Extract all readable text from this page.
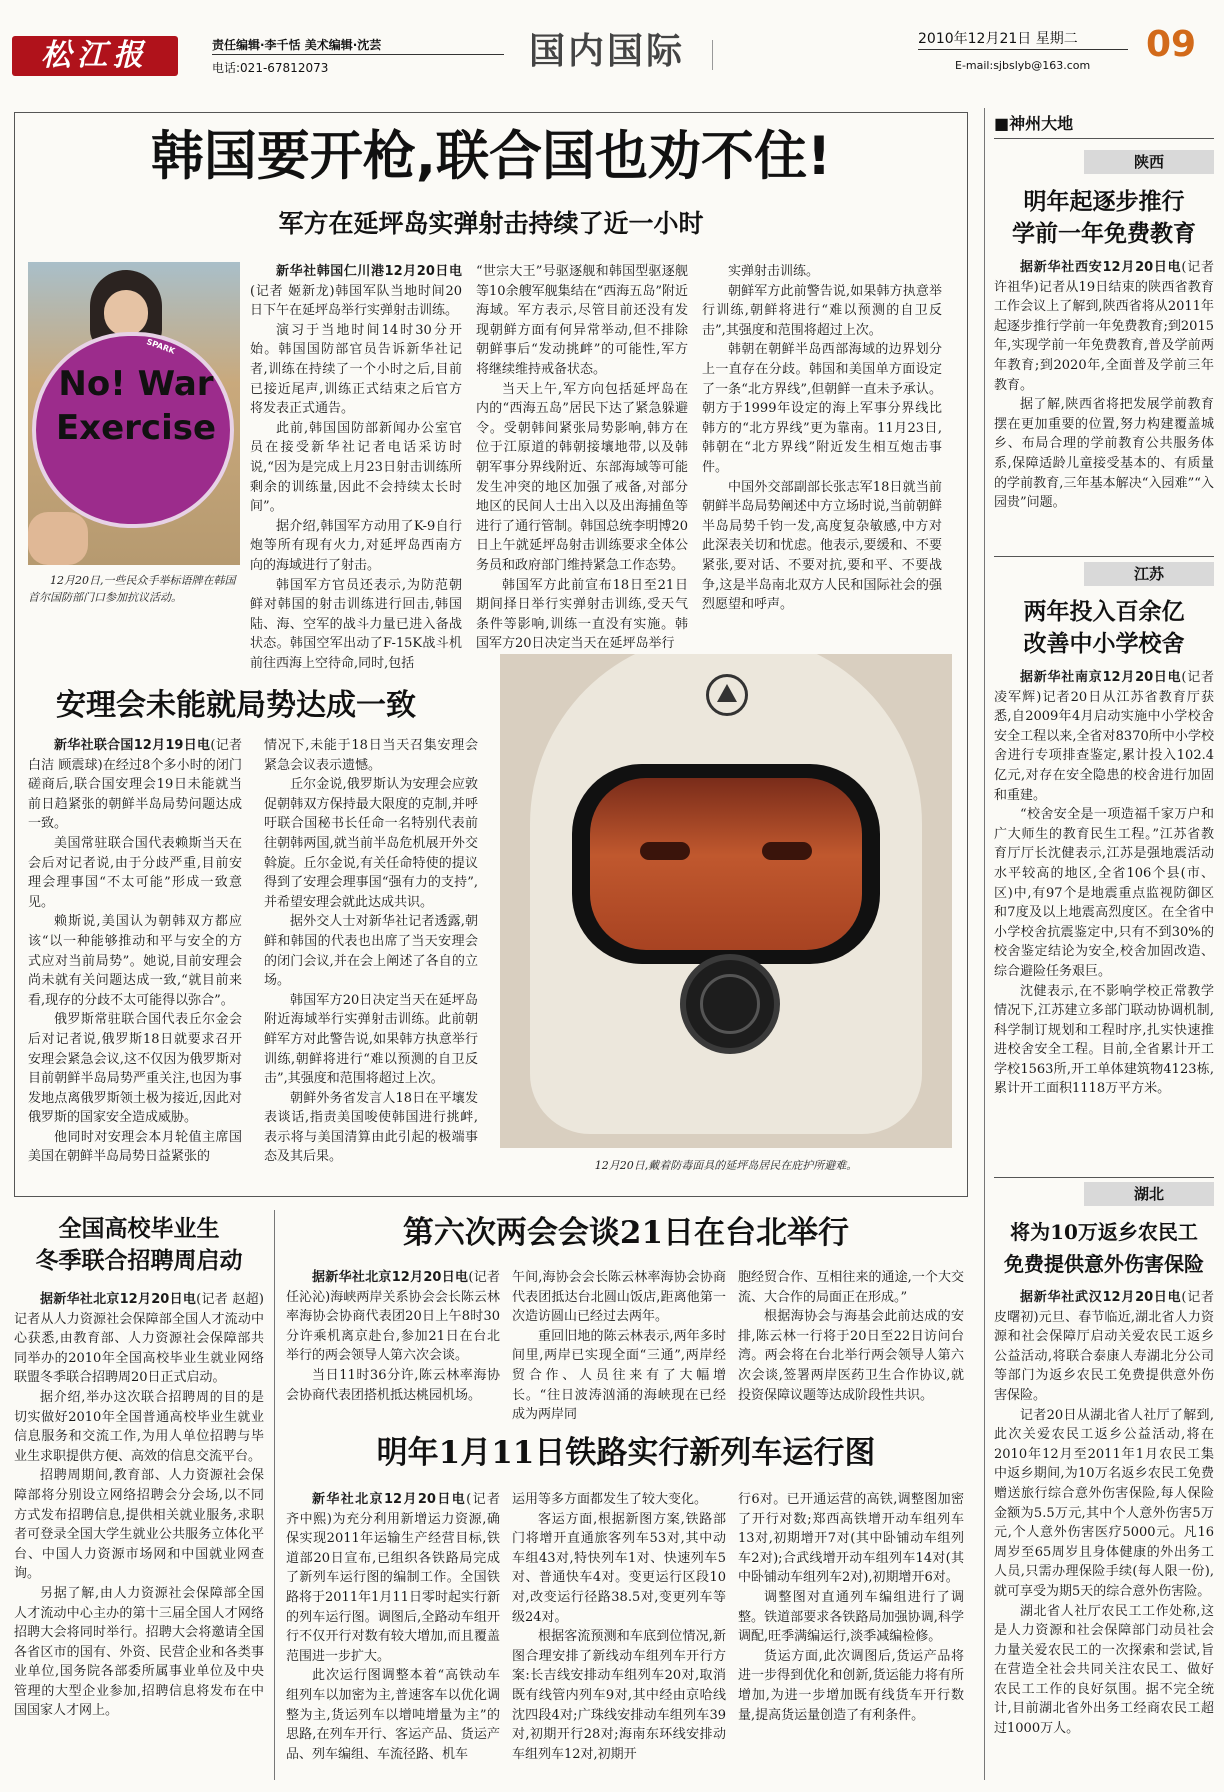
松江报	责任编辑·李千恬 美术编辑·沈芸
电话:021-67812073	国内国际	2010年12月21日 星期二
E-mail:sjbslyb@163.com
09
韩国要开枪,联合国也劝不住!
军方在延坪岛实弹射击持续了近一小时
SPARK
No! War Exercise
12月20日,一些民众手举标语牌在韩国首尔国防部门口参加抗议活动。

新华社韩国仁川港12月20日电(记者 姬新龙)韩国军队当地时间20日下午在延坪岛举行实弹射击训练。

演习于当地时间14时30分开始。韩国国防部官员告诉新华社记者,训练在持续了一个小时之后,目前已接近尾声,训练正式结束之后官方将发表正式通告。

此前,韩国国防部新闻办公室官员在接受新华社记者电话采访时说,“因为是完成上月23日射击训练所剩余的训练量,因此不会持续太长时间”。

据介绍,韩国军方动用了K-9自行炮等所有现有火力,对延坪岛西南方向的海域进行了射击。

韩国军方官员还表示,为防范朝鲜对韩国的射击训练进行回击,韩国陆、海、空军的战斗力量已进入备战状态。韩国空军出动了F-15K战斗机前往西海上空待命,同时,包括

“世宗大王”号驱逐舰和韩国型驱逐舰等10余艘军舰集结在“西海五岛”附近海域。军方表示,尽管目前还没有发现朝鲜方面有何异常举动,但不排除朝鲜事后“发动挑衅”的可能性,军方将继续维持戒备状态。

当天上午,军方向包括延坪岛在内的“西海五岛”居民下达了紧急躲避令。受朝韩间紧张局势影响,韩方在位于江原道的韩朝接壤地带,以及韩朝军事分界线附近、东部海域等可能发生冲突的地区加强了戒备,对部分地区的民间人士出入以及出海捕鱼等进行了通行管制。韩国总统李明博20日上午就延坪岛射击训练要求全体公务员和政府部门维持紧急工作态势。

韩国军方此前宣布18日至21日期间择日举行实弹射击训练,受天气条件等影响,训练一直没有实施。韩国军方20日决定当天在延坪岛举行

实弹射击训练。

朝鲜军方此前警告说,如果韩方执意举行训练,朝鲜将进行“难以预测的自卫反击”,其强度和范围将超过上次。

韩朝在朝鲜半岛西部海域的边界划分上一直存在分歧。韩国和美国单方面设定了一条“北方界线”,但朝鲜一直未予承认。朝方于1999年设定的海上军事分界线比韩方的“北方界线”更为靠南。11月23日,韩朝在“北方界线”附近发生相互炮击事件。

中国外交部副部长张志军18日就当前朝鲜半岛局势阐述中方立场时说,当前朝鲜半岛局势千钧一发,高度复杂敏感,中方对此深表关切和忧虑。他表示,要缓和、不要紧张,要对话、不要对抗,要和平、不要战争,这是半岛南北双方人民和国际社会的强烈愿望和呼声。

安理会未能就局势达成一致

新华社联合国12月19日电(记者 白洁 顾震球)在经过8个多小时的闭门磋商后,联合国安理会19日未能就当前日趋紧张的朝鲜半岛局势问题达成一致。

美国常驻联合国代表赖斯当天在会后对记者说,由于分歧严重,目前安理会理事国“不太可能”形成一致意见。

赖斯说,美国认为朝韩双方都应该“以一种能够推动和平与安全的方式应对当前局势”。她说,目前安理会尚未就有关问题达成一致,“就目前来看,现存的分歧不太可能得以弥合”。

俄罗斯常驻联合国代表丘尔金会后对记者说,俄罗斯18日就要求召开安理会紧急会议,这不仅因为俄罗斯对目前朝鲜半岛局势严重关注,也因为事发地点离俄罗斯领土极为接近,因此对俄罗斯的国家安全造成威胁。

他同时对安理会本月轮值主席国美国在朝鲜半岛局势日益紧张的

情况下,未能于18日当天召集安理会紧急会议表示遗憾。

丘尔金说,俄罗斯认为安理会应敦促朝韩双方保持最大限度的克制,并呼吁联合国秘书长任命一名特别代表前往朝韩两国,就当前半岛危机展开外交斡旋。丘尔金说,有关任命特使的提议得到了安理会理事国“强有力的支持”,并希望安理会就此达成共识。

据外交人士对新华社记者透露,朝鲜和韩国的代表也出席了当天安理会的闭门会议,并在会上阐述了各自的立场。

韩国军方20日决定当天在延坪岛附近海域举行实弹射击训练。此前朝鲜军方对此警告说,如果韩方执意举行训练,朝鲜将进行“难以预测的自卫反击”,其强度和范围将超过上次。

朝鲜外务省发言人18日在平壤发表谈话,指责美国唆使韩国进行挑衅,表示将与美国清算由此引起的极端事态及其后果。

12月20日,戴着防毒面具的延坪岛居民在庇护所避难。
全国高校毕业生
冬季联合招聘周启动

据新华社北京12月20日电(记者 赵超)记者从人力资源社会保障部全国人才流动中心获悉,由教育部、人力资源社会保障部共同举办的2010年全国高校毕业生就业网络联盟冬季联合招聘周20日正式启动。

据介绍,举办这次联合招聘周的目的是切实做好2010年全国普通高校毕业生就业信息服务和交流工作,为用人单位招聘与毕业生求职提供方便、高效的信息交流平台。

招聘周期间,教育部、人力资源社会保障部将分别设立网络招聘会分会场,以不同方式发布招聘信息,提供相关就业服务,求职者可登录全国大学生就业公共服务立体化平台、中国人力资源市场网和中国就业网查询。

另据了解,由人力资源社会保障部全国人才流动中心主办的第十三届全国人才网络招聘大会将同时举行。招聘大会将邀请全国各省区市的国有、外资、民营企业和各类事业单位,国务院各部委所属事业单位及中央管理的大型企业参加,招聘信息将发布在中国国家人才网上。

第六次两会会谈21日在台北举行

据新华社北京12月20日电(记者 任沁沁)海峡两岸关系协会会长陈云林率海协会协商代表团20日上午8时30分许乘机离京赴台,参加21日在台北举行的两会领导人第六次会谈。

当日11时36分许,陈云林率海协会协商代表团搭机抵达桃园机场。

午间,海协会会长陈云林率海协会协商代表团抵达台北圆山饭店,距离他第一次造访圆山已经过去两年。

重回旧地的陈云林表示,两年多时间里,两岸已实现全面“三通”,两岸经贸合作、人员往来有了大幅增长。“往日波涛汹涌的海峡现在已经成为两岸同

胞经贸合作、互相往来的通途,一个大交流、大合作的局面正在形成。”

根据海协会与海基会此前达成的安排,陈云林一行将于20日至22日访问台湾。两会将在台北举行两会领导人第六次会谈,签署两岸医药卫生合作协议,就投资保障议题等达成阶段性共识。

明年1月11日铁路实行新列车运行图

新华社北京12月20日电(记者 齐中熙)为充分利用新增运力资源,确保实现2011年运输生产经营目标,铁道部20日宣布,已组织各铁路局完成了新列车运行图的编制工作。全国铁路将于2011年1月11日零时起实行新的列车运行图。调图后,全路动车组开行不仅开行对数有较大增加,而且覆盖范围进一步扩大。

此次运行图调整本着“高铁动车组列车以加密为主,普速客车以优化调整为主,货运列车以增吨增量为主”的思路,在列车开行、客运产品、货运产品、列车编组、车流径路、机车

运用等多方面都发生了较大变化。

客运方面,根据新图方案,铁路部门将增开直通旅客列车53对,其中动车组43对,特快列车1对、快速列车5对、普通快车4对。变更运行区段10对,改变运行径路38.5对,变更列车等级24对。

根据客流预测和车底到位情况,新图合理安排了新线动车组列车开行方案:长吉线安排动车组列车20对,取消既有线管内列车9对,其中经由京哈线沈四段4对;广珠线安排动车组列车39对,初期开行28对;海南东环线安排动车组列车12对,初期开

行6对。已开通运营的高铁,调整图加密了开行对数;郑西高铁增开动车组列车13对,初期增开7对(其中卧铺动车组列车2对);合武线增开动车组列车14对(其中卧铺动车组列车2对),初期增开6对。

调整图对直通列车编组进行了调整。铁道部要求各铁路局加强协调,科学调配,旺季满编运行,淡季减编检修。

货运方面,此次调图后,货运产品将进一步得到优化和创新,货运能力将有所增加,为进一步增加既有线货车开行数量,提高货运量创造了有利条件。

■神州大地
陕西
明年起逐步推行
学前一年免费教育

据新华社西安12月20日电(记者 许祖华)记者从19日结束的陕西省教育工作会议上了解到,陕西省将从2011年起逐步推行学前一年免费教育;到2015年,实现学前一年免费教育,普及学前两年教育;到2020年,全面普及学前三年教育。

据了解,陕西省将把发展学前教育摆在更加重要的位置,努力构建覆盖城乡、布局合理的学前教育公共服务体系,保障适龄儿童接受基本的、有质量的学前教育,三年基本解决“入园难”“入园贵”问题。

江苏
两年投入百余亿
改善中小学校舍

据新华社南京12月20日电(记者 凌军辉)记者20日从江苏省教育厅获悉,自2009年4月启动实施中小学校舍安全工程以来,全省对8370所中小学校舍进行专项排查鉴定,累计投入102.4亿元,对存在安全隐患的校舍进行加固和重建。

“校舍安全是一项造福千家万户和广大师生的教育民生工程。”江苏省教育厅厅长沈健表示,江苏是强地震活动水平较高的地区,全省106个县(市、区)中,有97个是地震重点监视防御区和7度及以上地震高烈度区。在全省中小学校舍抗震鉴定中,只有不到30%的校舍鉴定结论为安全,校舍加固改造、综合避险任务艰巨。

沈健表示,在不影响学校正常教学情况下,江苏建立多部门联动协调机制,科学制订规划和工程时序,扎实快速推进校舍安全工程。目前,全省累计开工学校1563所,开工单体建筑物4123栋,累计开工面积1118万平方米。

湖北
将为10万返乡农民工
免费提供意外伤害保险

据新华社武汉12月20日电(记者 皮曙初)元旦、春节临近,湖北省人力资源和社会保障厅启动关爱农民工返乡公益活动,将联合泰康人寿湖北分公司等部门为返乡农民工免费提供意外伤害保险。

记者20日从湖北省人社厅了解到,此次关爱农民工返乡公益活动,将在2010年12月至2011年1月农民工集中返乡期间,为10万名返乡农民工免费赠送旅行综合意外伤害保险,每人保险金额为5.5万元,其中个人意外伤害5万元,个人意外伤害医疗5000元。凡16周岁至65周岁且身体健康的外出务工人员,只需办理保险手续(每人限一份),就可享受为期5天的综合意外伤害险。

湖北省人社厅农民工工作处称,这是人力资源和社会保障部门动员社会力量关爱农民工的一次探索和尝试,旨在营造全社会共同关注农民工、做好农民工工作的良好氛围。据不完全统计,目前湖北省外出务工经商农民工超过1000万人。
